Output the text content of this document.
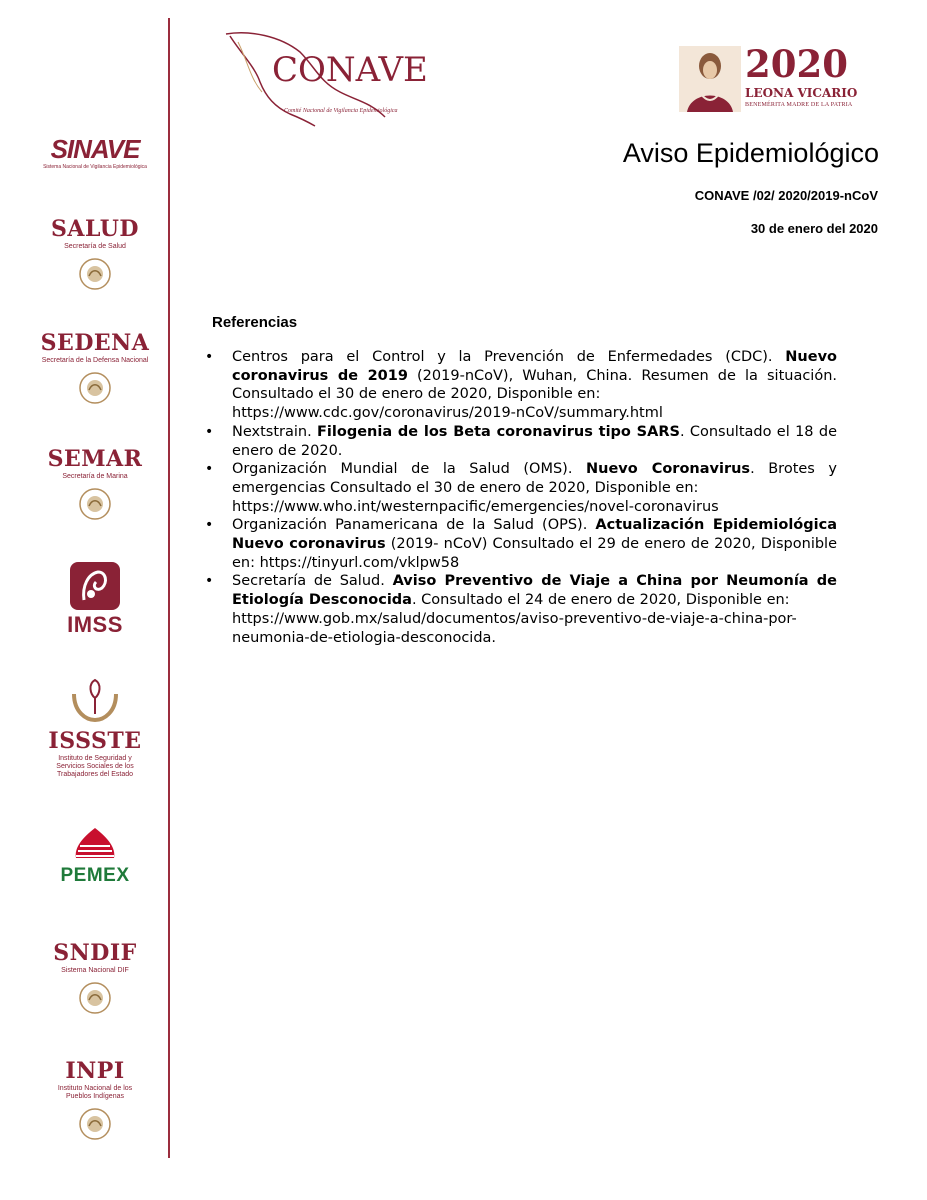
CONAVE
Comité Nacional de Vigilancia Epidemiológica
2020
LEONA VICARIO
BENEMÉRITA MADRE DE LA PATRIA
SINAVE
Sistema Nacional de Vigilancia Epidemiológica
SALUD
Secretaría de Salud
SEDENA
Secretaría de la Defensa Nacional
SEMAR
Secretaría de Marina
IMSS
ISSSTE
Instituto de Seguridad y Servicios Sociales de los Trabajadores del Estado
PEMEX
SNDIF
Sistema Nacional DIF
INPI
Instituto Nacional de los Pueblos Indígenas
Aviso Epidemiológico
CONAVE /02/ 2020/2019-nCoV
30 de enero del 2020
Referencias
• Centros para el Control y la Prevención de Enfermedades (CDC). Nuevo coronavirus de 2019 (2019-nCoV), Wuhan, China. Resumen de la situación. Consultado el 30 de enero de 2020, Disponible en:
https://www.cdc.gov/coronavirus/2019-nCoV/summary.html
• Nextstrain. Filogenia de los Beta coronavirus tipo SARS. Consultado el 18 de enero de 2020.
• Organización Mundial de la Salud (OMS). Nuevo Coronavirus. Brotes y emergencias Consultado el 30 de enero de 2020, Disponible en:
https://www.who.int/westernpacific/emergencies/novel-coronavirus
• Organización Panamericana de la Salud (OPS). Actualización Epidemiológica Nuevo coronavirus (2019- nCoV) Consultado el 29 de enero de 2020, Disponible en: https://tinyurl.com/vklpw58
• Secretaría de Salud. Aviso Preventivo de Viaje a China por Neumonía de Etiología Desconocida. Consultado el 24 de enero de 2020, Disponible en:
https://www.gob.mx/salud/documentos/aviso-preventivo-de-viaje-a-china-por-neumonia-de-etiologia-desconocida.
